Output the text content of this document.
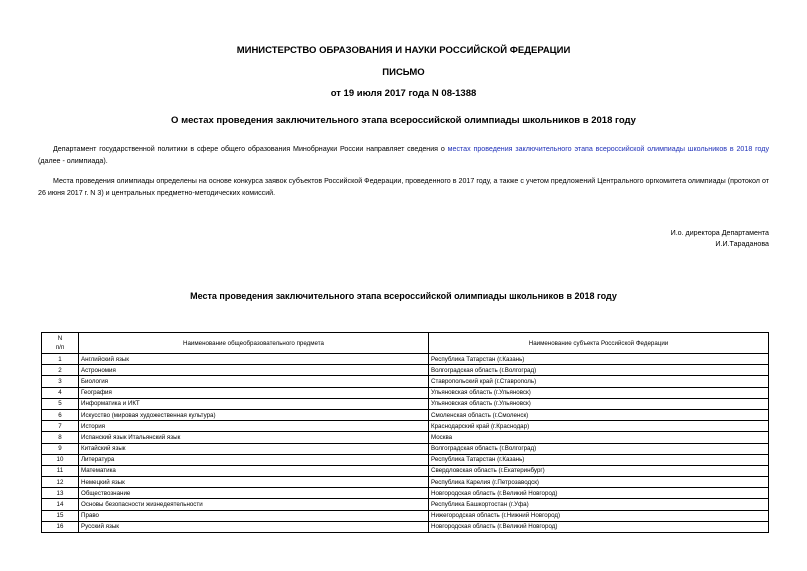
МИНИСТЕРСТВО ОБРАЗОВАНИЯ И НАУКИ РОССИЙСКОЙ ФЕДЕРАЦИИ
ПИСЬМО
от 19 июля 2017 года N 08-1388
О местах проведения заключительного этапа всероссийской олимпиады школьников в 2018 году
Департамент государственной политики в сфере общего образования Минобрнауки России направляет сведения о местах проведения заключительного этапа всероссийской олимпиады школьников в 2018 году (далее - олимпиада).
Места проведения олимпиады определены на основе конкурса заявок субъектов Российской Федерации, проведенного в 2017 году, а также с учетом предложений Центрального оргкомитета олимпиады (протокол от 26 июня 2017 г. N 3) и центральных предметно-методических комиссий.
И.о. директора Департамента
И.И.Тараданова
Места проведения заключительного этапа всероссийской олимпиады школьников в 2018 году
N
п/п	Наименование общеобразовательного предмета	Наименование субъекта Российской Федерации
1	Английский язык	Республика Татарстан (г.Казань)
2	Астрономия	Волгоградская область (г.Волгоград)
3	Биология	Ставропольский край (г.Ставрополь)
4	География	Ульяновская область (г.Ульяновск)
5	Информатика и ИКТ	Ульяновская область (г.Ульяновск)
6	Искусство (мировая художественная культура)	Смоленская область (г.Смоленск)
7	История	Краснодарский край (г.Краснодар)
8	Испанский язык Итальянский язык	Москва
9	Китайский язык	Волгоградская область (г.Волгоград)
10	Литература	Республика Татарстан (г.Казань)
11	Математика	Свердловская область (г.Екатеринбург)
12	Немецкий язык	Республика Карелия (г.Петрозаводск)
13	Обществознание	Новгородская область (г.Великий Новгород)
14	Основы безопасности жизнедеятельности	Республика Башкортостан (г.Уфа)
15	Право	Нижегородская область (г.Нижний Новгород)
16	Русский язык	Новгородская область (г.Великий Новгород)
